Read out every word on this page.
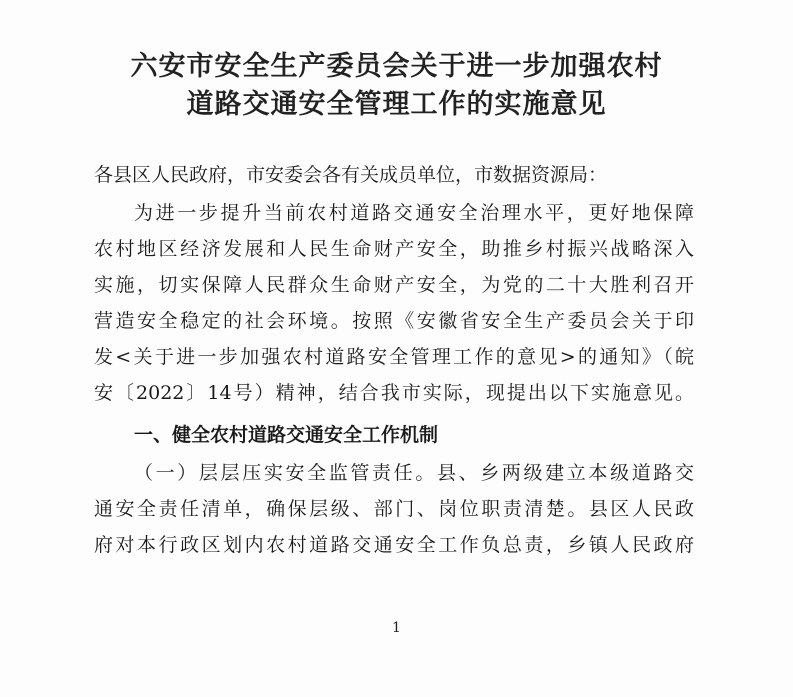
六安市安全生产委员会关于进一步加强农村
道路交通安全管理工作的实施意见
各县区人民政府，市安委会各有关成员单位，市数据资源局：
为进一步提升当前农村道路交通安全治理水平，更好地保障
农村地区经济发展和人民生命财产安全，助推乡村振兴战略深入
实施，切实保障人民群众生命财产安全，为党的二十大胜利召开
营造安全稳定的社会环境。按照《安徽省安全生产委员会关于印
发<关于进一步加强农村道路安全管理工作的意见>的通知》（皖
安〔2022〕14号）精神，结合我市实际，现提出以下实施意见。
一、健全农村道路交通安全工作机制
（一）层层压实安全监管责任。县、乡两级建立本级道路交
通安全责任清单，确保层级、部门、岗位职责清楚。县区人民政
府对本行政区划内农村道路交通安全工作负总责，乡镇人民政府
1
